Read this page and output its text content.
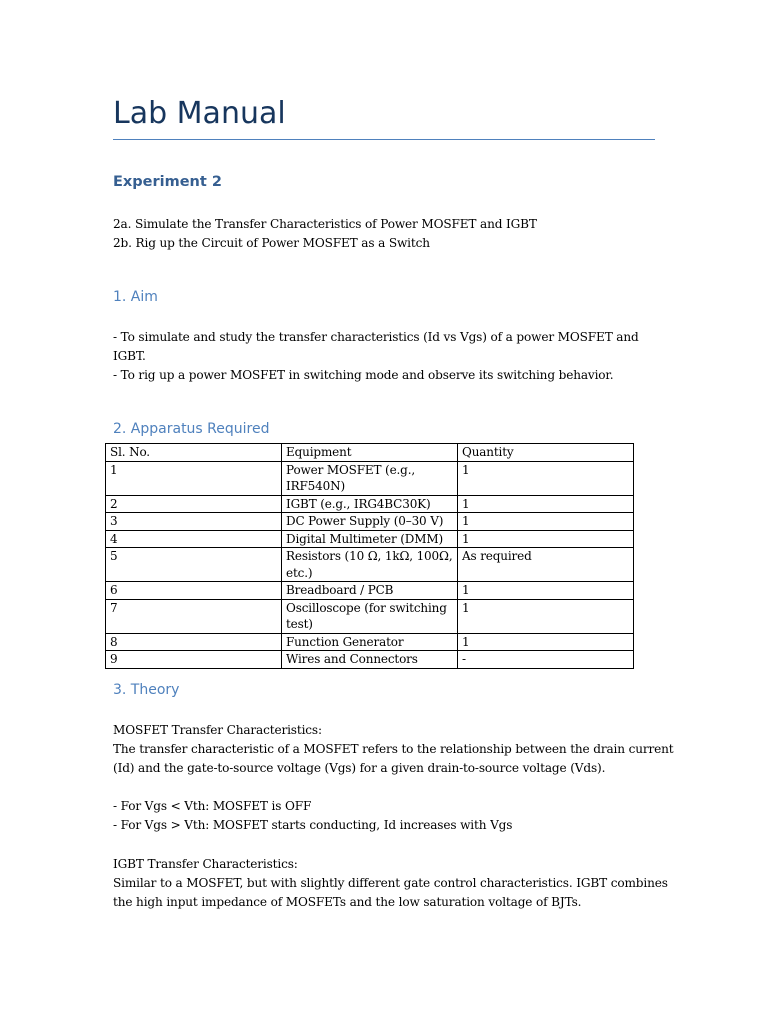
Lab Manual
Experiment 2

2a. Simulate the Transfer Characteristics of Power MOSFET and IGBT
2b. Rig up the Circuit of Power MOSFET as a Switch

1. Aim

- To simulate and study the transfer characteristics (Id vs Vgs) of a power MOSFET and
IGBT.
- To rig up a power MOSFET in switching mode and observe its switching behavior.

2. Apparatus Required
Sl. No.	Equipment	Quantity
1	Power MOSFET (e.g., IRF540N)	1
2	IGBT (e.g., IRG4BC30K)	1
3	DC Power Supply (0–30 V)	1
4	Digital Multimeter (DMM)	1
5	Resistors (10 Ω, 1kΩ, 100Ω, etc.)	As required
6	Breadboard / PCB	1
7	Oscilloscope (for switching test)	1
8	Function Generator	1
9	Wires and Connectors	-
3. Theory

MOSFET Transfer Characteristics:

The transfer characteristic of a MOSFET refers to the relationship between the drain current
(Id) and the gate-to-source voltage (Vgs) for a given drain-to-source voltage (Vds).

- For Vgs < Vth: MOSFET is OFF
- For Vgs > Vth: MOSFET starts conducting, Id increases with Vgs

IGBT Transfer Characteristics:

Similar to a MOSFET, but with slightly different gate control characteristics. IGBT combines
the high input impedance of MOSFETs and the low saturation voltage of BJTs.
